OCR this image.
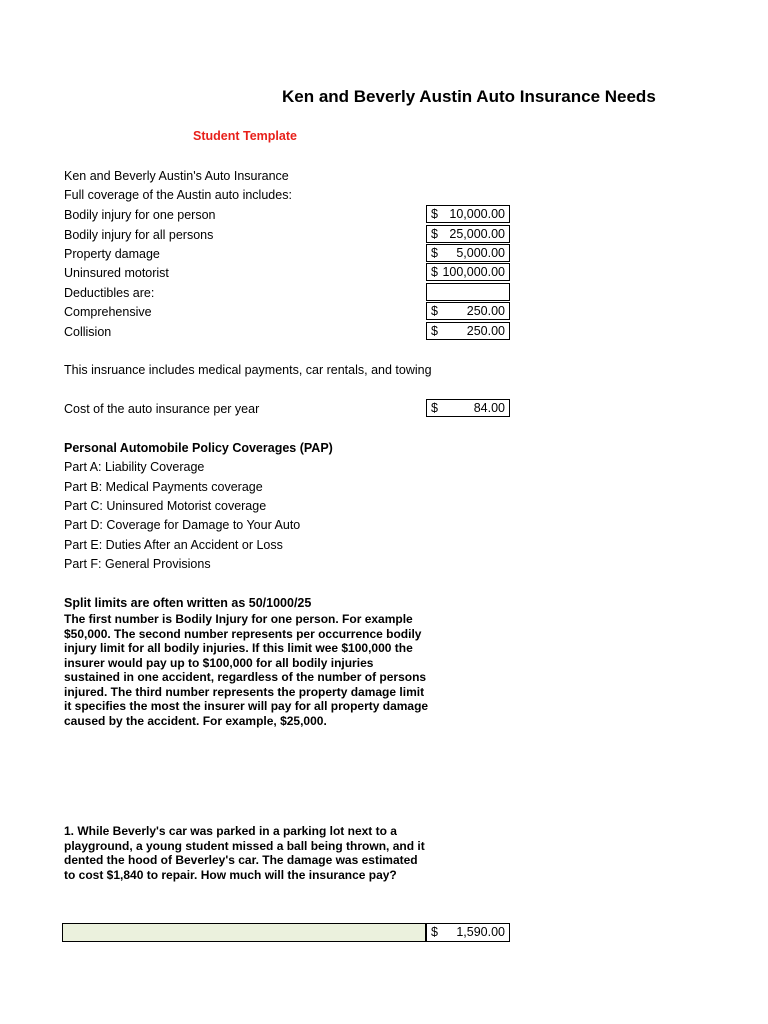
Ken and Beverly Austin Auto Insurance Needs
Student Template
Ken and Beverly Austin's Auto Insurance
Full coverage of the Austin auto includes:
Bodily injury for one person	$ 10,000.00
Bodily injury for all persons	$ 25,000.00
Property damage	$ 5,000.00
Uninsured motorist	$ 100,000.00
Deductibles are:
Comprehensive	$ 250.00
Collision	$ 250.00
This insruance includes medical payments, car rentals, and towing
Cost of the auto insurance per year	$	84.00
Personal Automobile Policy Coverages (PAP)
Part A: Liability Coverage
Part B: Medical Payments coverage
Part C: Uninsured Motorist coverage
Part D: Coverage for Damage to Your Auto
Part E: Duties After an Accident or Loss
Part F: General Provisions
Split limits are often written as 50/1000/25
The first number is Bodily Injury for one person. For example $50,000. The second number represents per occurrence bodily injury limit for all bodily injuries. If this limit wee $100,000 the insurer would pay up to $100,000 for all bodily injuries sustained in one accident, regardless of the number of persons injured. The third number represents the property damage limit it specifies the most the insurer will pay for all property damage caused by the accident. For example, $25,000.
1. While Beverly's car was parked in a parking lot next to a playground, a young student missed a ball being thrown, and it dented the hood of Beverley's car. The damage was estimated to cost $1,840 to repair. How much will the insurance pay?
$ 1,590.00
